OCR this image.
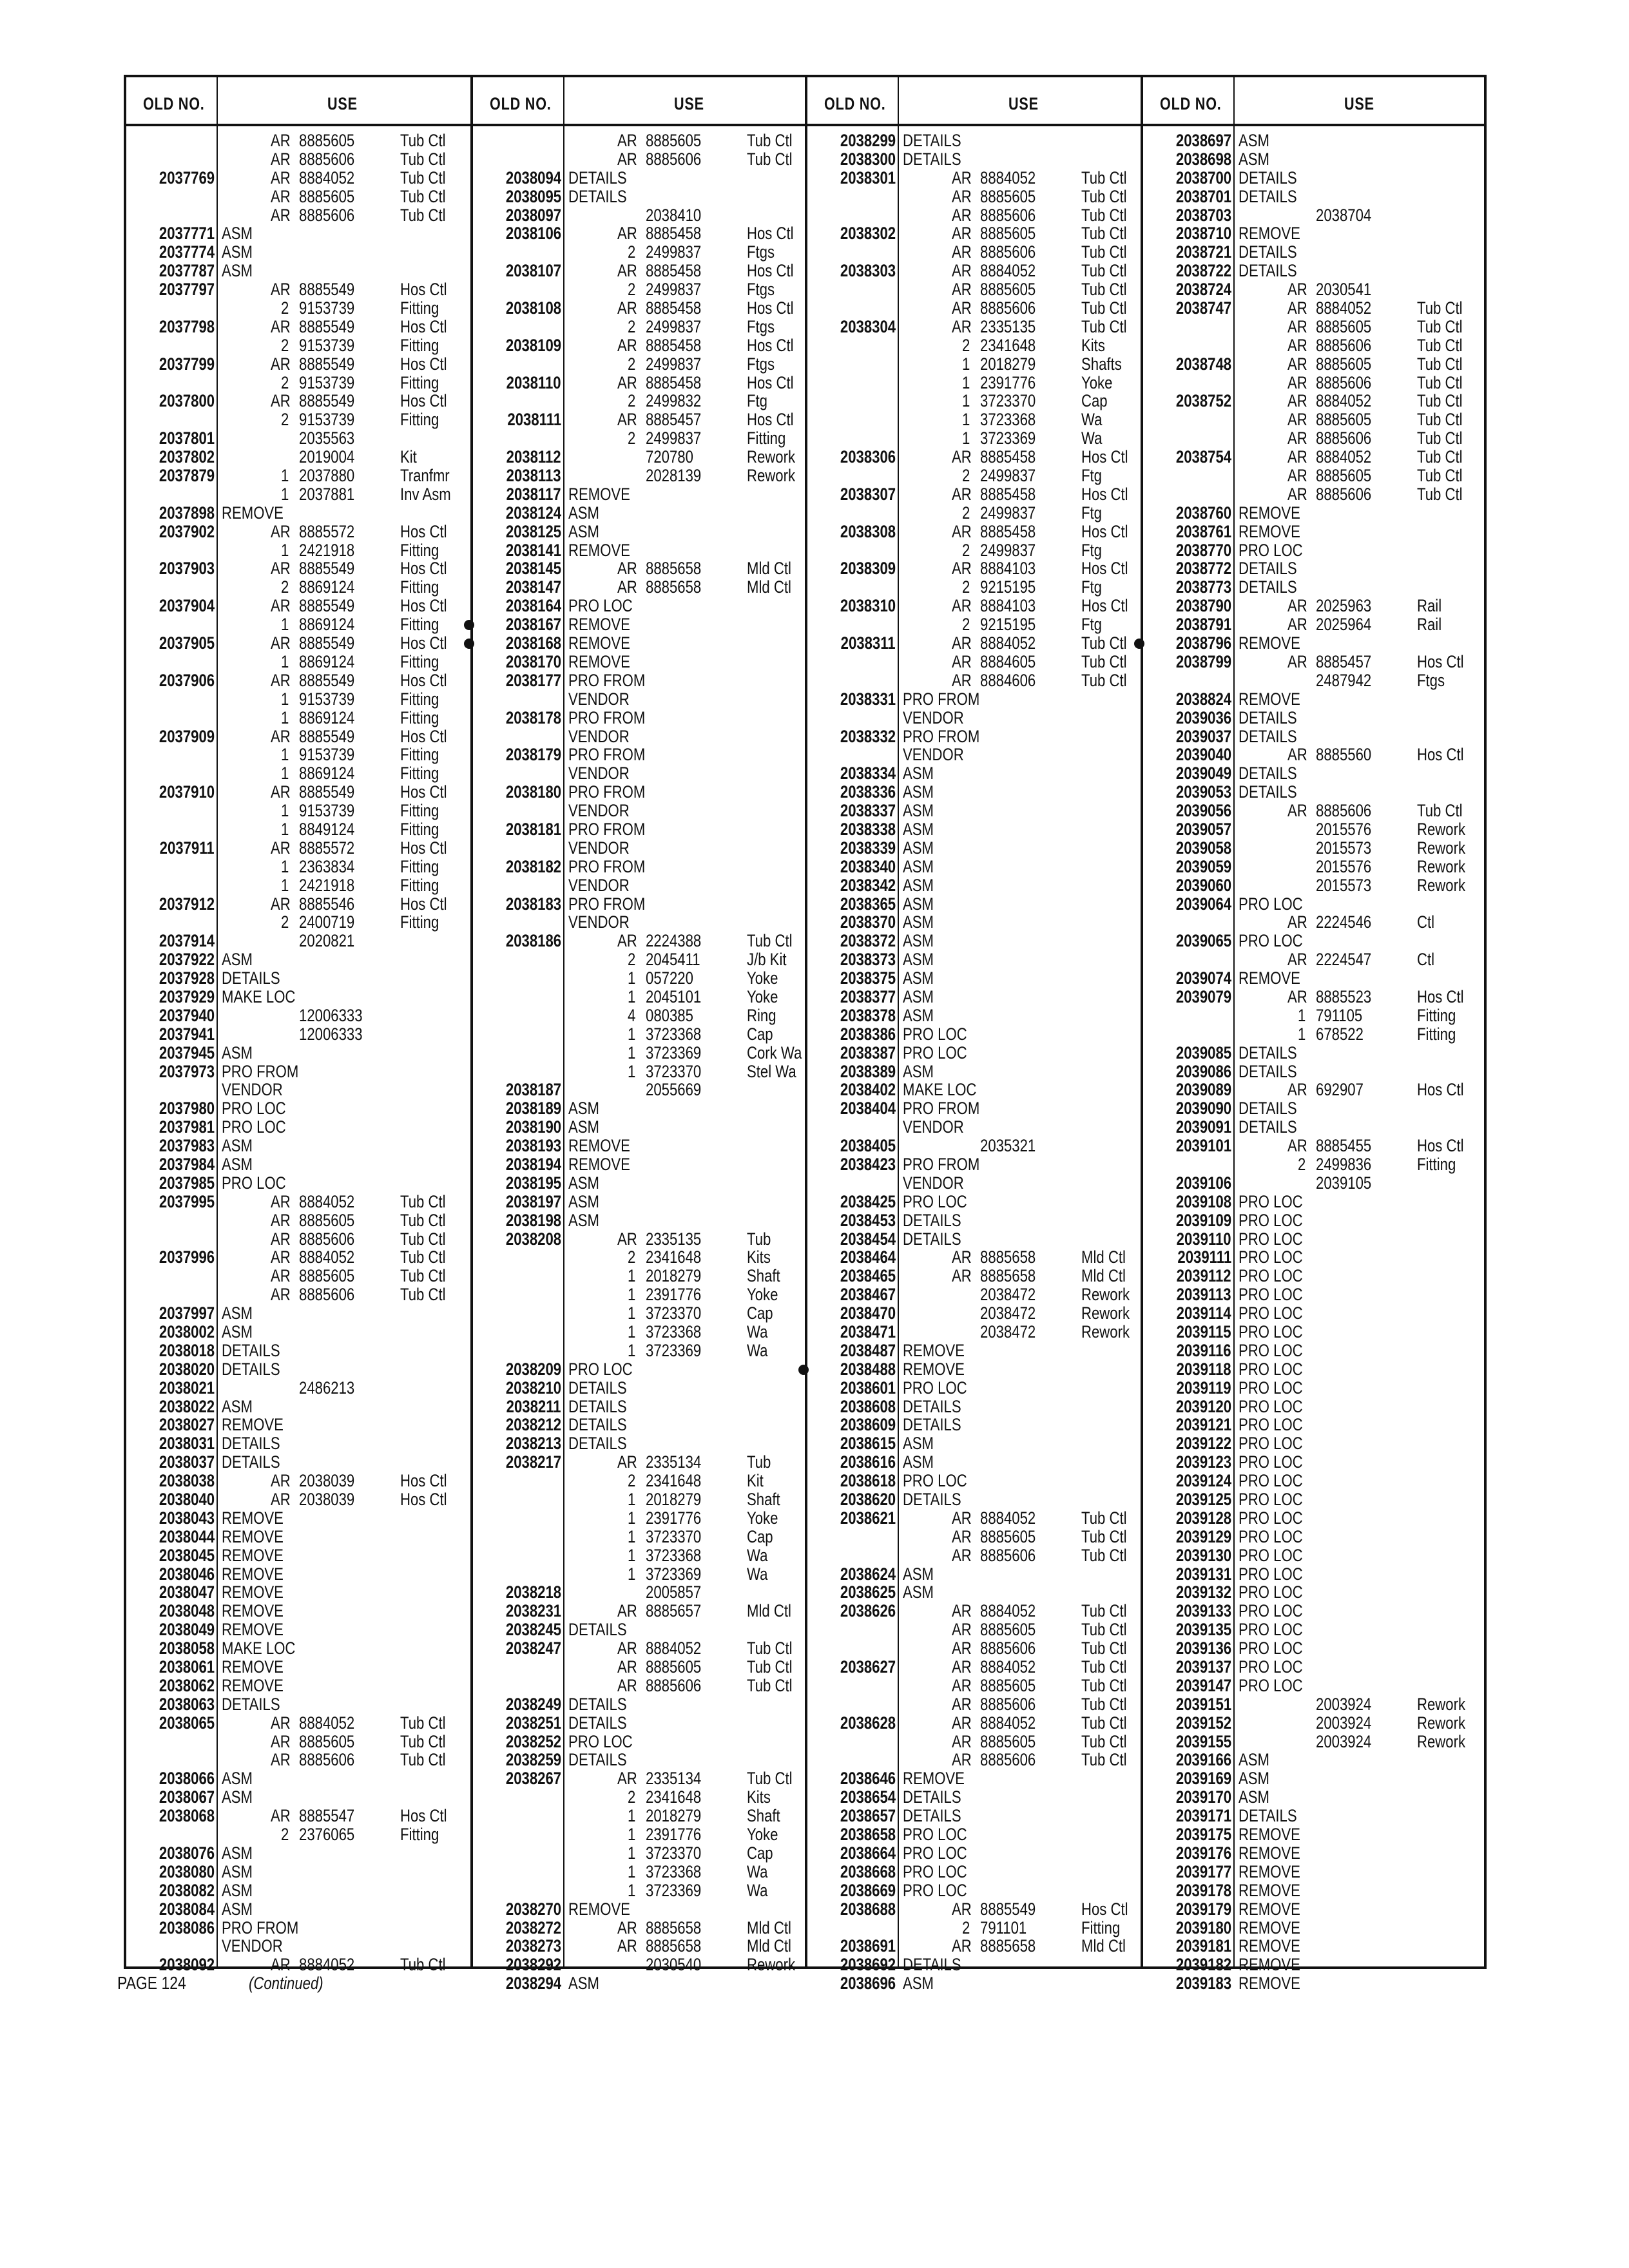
OLD NO.	USE
AR 8885605	Tub Ctl
AR 8885606	Tub Ctl
2037769	AR 8884052	Tub Ctl
AR 8885605	Tub Ctl
AR 8885606	Tub Ctl
2037771 ASM
2037774 ASM
2037787 ASM
2037797	AR 8885549	Hos Ctl
2 9153739	Fitting
2037798	AR 8885549	Hos Ctl
2 9153739	Fitting
2037799	AR 8885549	Hos Ctl
2 9153739	Fitting
2037800	AR 8885549	Hos Ctl
2 9153739	Fitting
2037801	2035563
2037802	2019004	Kit
2037879	1 2037880	Tranfmr
1 2037881	Inv Asm
2037898 REMOVE
2037902	AR 8885572	Hos Ctl
1 2421918	Fitting
2037903	AR 8885549	Hos Ctl
2 8869124	Fitting
2037904	AR 8885549	Hos Ctl
1 8869124	Fitting
2037905	AR 8885549	Hos Ctl
1 8869124	Fitting
2037906	AR 8885549	Hos Ctl
1 9153739	Fitting
1 8869124	Fitting
2037909	AR 8885549	Hos Ctl
1 9153739	Fitting
1 8869124	Fitting
2037910	AR 8885549	Hos Ctl
1 9153739	Fitting
1 8849124	Fitting
2037911	AR 8885572	Hos Ctl
1 2363834	Fitting
1 2421918	Fitting
2037912	AR 8885546	Hos Ctl
2 2400719	Fitting
2037914	2020821
2037922 ASM
2037928 DETAILS
2037929 MAKE LOC
2037940	12006333
2037941	12006333
2037945 ASM
2037973 PRO FROM
VENDOR
2037980 PRO LOC
2037981 PRO LOC
2037983 ASM
2037984 ASM
2037985 PRO LOC
2037995	AR 8884052	Tub Ctl
AR 8885605	Tub Ctl
AR 8885606	Tub Ctl
2037996	AR 8884052	Tub Ctl
AR 8885605	Tub Ctl
AR 8885606	Tub Ctl
2037997 ASM
2038002 ASM
2038018 DETAILS
2038020 DETAILS
2038021	2486213
2038022 ASM
2038027 REMOVE
2038031 DETAILS
2038037 DETAILS
2038038	AR 2038039	Hos Ctl
2038040	AR 2038039	Hos Ctl
2038043 REMOVE
2038044 REMOVE
2038045 REMOVE
2038046 REMOVE
2038047 REMOVE
2038048 REMOVE
2038049 REMOVE
2038058 MAKE LOC
2038061 REMOVE
2038062 REMOVE
2038063 DETAILS
2038065	AR 8884052	Tub Ctl
AR 8885605	Tub Ctl
AR 8885606	Tub Ctl
2038066 ASM
2038067 ASM
2038068	AR 8885547	Hos Ctl
2 2376065	Fitting
2038076 ASM
2038080 ASM
2038082 ASM
2038084 ASM
2038086 PRO FROM
VENDOR
2038092	AR 8884052	Tub Ctl
(Continued)
OLD NO.	USE
AR 8885605	Tub Ctl
AR 8885606	Tub Ctl
2038094 DETAILS
2038095 DETAILS
2038097	2038410
2038106	AR 8885458	Hos Ctl
2 2499837	Ftgs
2038107	AR 8885458	Hos Ctl
2 2499837	Ftgs
2038108	AR 8885458	Hos Ctl
2 2499837	Ftgs
2038109	AR 8885458	Hos Ctl
2 2499837	Ftgs
2038110	AR 8885458	Hos Ctl
2 2499832	Ftg
2038111	AR 8885457	Hos Ctl
2 2499837	Fitting
2038112	720780	Rework
2038113	2028139	Rework
2038117 REMOVE
2038124 ASM
2038125 ASM
2038141 REMOVE
2038145	AR 8885658	Mld Ctl
2038147	AR 8885658	Mld Ctl
2038164 PRO LOC
2038167 REMOVE
2038168 REMOVE
2038170 REMOVE
2038177 PRO FROM
VENDOR
2038178 PRO FROM
VENDOR
2038179 PRO FROM
VENDOR
2038180 PRO FROM
VENDOR
2038181 PRO FROM
VENDOR
2038182 PRO FROM
VENDOR
2038183 PRO FROM
VENDOR
2038186	AR 2224388	Tub Ctl
2 2045411	J/b Kit
1 057220	Yoke
1 2045101	Yoke
4 080385	Ring
1 3723368	Cap
1 3723369	Cork Wa
1 3723370	Stel Wa
2038187	2055669
2038189 ASM
2038190 ASM
2038193 REMOVE
2038194 REMOVE
2038195 ASM
2038197 ASM
2038198 ASM
2038208	AR 2335135	Tub
2 2341648	Kits
1 2018279	Shaft
1 2391776	Yoke
1 3723370	Cap
1 3723368	Wa
1 3723369	Wa
2038209 PRO LOC
2038210 DETAILS
2038211 DETAILS
2038212 DETAILS
2038213 DETAILS
2038217	AR 2335134	Tub
2 2341648	Kit
1 2018279	Shaft
1 2391776	Yoke
1 3723370	Cap
1 3723368	Wa
1 3723369	Wa
2038218	2005857
2038231	AR 8885657	Mld Ctl
2038245 DETAILS
2038247	AR 8884052	Tub Ctl
AR 8885605	Tub Ctl
AR 8885606	Tub Ctl
2038249 DETAILS
2038251 DETAILS
2038252 PRO LOC
2038259 DETAILS
2038267	AR 2335134	Tub Ctl
2 2341648	Kits
1 2018279	Shaft
1 2391776	Yoke
1 3723370	Cap
1 3723368	Wa
1 3723369	Wa
2038270 REMOVE
2038272	AR 8885658	Mld Ctl
2038273	AR 8885658	Mld Ctl
2038292	2030540	Rework
2038294 ASM
OLD NO.	USE
2038299 DETAILS
2038300 DETAILS
2038301	AR 8884052	Tub Ctl
AR 8885605	Tub Ctl
AR 8885606	Tub Ctl
2038302	AR 8885605	Tub Ctl
AR 8885606	Tub Ctl
2038303	AR 8884052	Tub Ctl
AR 8885605	Tub Ctl
AR 8885606	Tub Ctl
2038304	AR 2335135	Tub Ctl
2 2341648	Kits
1 2018279	Shafts
1 2391776	Yoke
1 3723370	Cap
1 3723368	Wa
1 3723369	Wa
2038306	AR 8885458	Hos Ctl
2 2499837	Ftg
2038307	AR 8885458	Hos Ctl
2 2499837	Ftg
2038308	AR 8885458	Hos Ctl
2 2499837	Ftg
2038309	AR 8884103	Hos Ctl
2 9215195	Ftg
2038310	AR 8884103	Hos Ctl
2 9215195	Ftg
2038311	AR 8884052	Tub Ctl
AR 8884605	Tub Ctl
AR 8884606	Tub Ctl
2038331 PRO FROM
VENDOR
2038332 PRO FROM
VENDOR
2038334 ASM
2038336 ASM
2038337 ASM
2038338 ASM
2038339 ASM
2038340 ASM
2038342 ASM
2038365 ASM
2038370 ASM
2038372 ASM
2038373 ASM
2038375 ASM
2038377 ASM
2038378 ASM
2038386 PRO LOC
2038387 PRO LOC
2038389 ASM
2038402 MAKE LOC
2038404 PRO FROM
VENDOR
2038405	2035321
2038423 PRO FROM
VENDOR
2038425 PRO LOC
2038453 DETAILS
2038454 DETAILS
2038464	AR 8885658	Mld Ctl
2038465	AR 8885658	Mld Ctl
2038467	2038472	Rework
2038470	2038472	Rework
2038471	2038472	Rework
2038487 REMOVE
2038488 REMOVE
2038601 PRO LOC
2038608 DETAILS
2038609 DETAILS
2038615 ASM
2038616 ASM
2038618 PRO LOC
2038620 DETAILS
2038621	AR 8884052	Tub Ctl
AR 8885605	Tub Ctl
AR 8885606	Tub Ctl
2038624 ASM
2038625 ASM
2038626	AR 8884052	Tub Ctl
AR 8885605	Tub Ctl
AR 8885606	Tub Ctl
2038627	AR 8884052	Tub Ctl
AR 8885605	Tub Ctl
AR 8885606	Tub Ctl
2038628	AR 8884052	Tub Ctl
AR 8885605	Tub Ctl
AR 8885606	Tub Ctl
2038646 REMOVE
2038654 DETAILS
2038657 DETAILS
2038658 PRO LOC
2038664 PRO LOC
2038668 PRO LOC
2038669 PRO LOC
2038688	AR 8885549	Hos Ctl
2 791101	Fitting
2038691	AR 8885658	Mld Ctl
2038692 DETAILS
2038696 ASM
OLD NO.	USE
2038697 ASM
2038698 ASM
2038700 DETAILS
2038701 DETAILS
2038703	2038704
2038710 REMOVE
2038721 DETAILS
2038722 DETAILS
2038724	AR 2030541
2038747	AR 8884052	Tub Ctl
AR 8885605	Tub Ctl
AR 8885606	Tub Ctl
2038748	AR 8885605	Tub Ctl
AR 8885606	Tub Ctl
2038752	AR 8884052	Tub Ctl
AR 8885605	Tub Ctl
AR 8885606	Tub Ctl
2038754	AR 8884052	Tub Ctl
AR 8885605	Tub Ctl
AR 8885606	Tub Ctl
2038760 REMOVE
2038761 REMOVE
2038770 PRO LOC
2038772 DETAILS
2038773 DETAILS
2038790	AR 2025963	Rail
2038791	AR 2025964	Rail
2038796 REMOVE
2038799	AR 8885457	Hos Ctl
2487942	Ftgs
2038824 REMOVE
2039036 DETAILS
2039037 DETAILS
2039040	AR 8885560	Hos Ctl
2039049 DETAILS
2039053 DETAILS
2039056	AR 8885606	Tub Ctl
2039057	2015576	Rework
2039058	2015573	Rework
2039059	2015576	Rework
2039060	2015573	Rework
2039064 PRO LOC
AR 2224546	Ctl
2039065 PRO LOC
AR 2224547	Ctl
2039074 REMOVE
2039079	AR 8885523	Hos Ctl
1 791105	Fitting
1 678522	Fitting
2039085 DETAILS
2039086 DETAILS
2039089	AR 692907	Hos Ctl
2039090 DETAILS
2039091 DETAILS
2039101	AR 8885455	Hos Ctl
2 2499836	Fitting
2039106	2039105
2039108 PRO LOC
2039109 PRO LOC
2039110 PRO LOC
2039111 PRO LOC
2039112 PRO LOC
2039113 PRO LOC
2039114 PRO LOC
2039115 PRO LOC
2039116 PRO LOC
2039118 PRO LOC
2039119 PRO LOC
2039120 PRO LOC
2039121 PRO LOC
2039122 PRO LOC
2039123 PRO LOC
2039124 PRO LOC
2039125 PRO LOC
2039128 PRO LOC
2039129 PRO LOC
2039130 PRO LOC
2039131 PRO LOC
2039132 PRO LOC
2039133 PRO LOC
2039135 PRO LOC
2039136 PRO LOC
2039137 PRO LOC
2039147 PRO LOC
2039151	2003924	Rework
2039152	2003924	Rework
2039155	2003924	Rework
2039166 ASM
2039169 ASM
2039170 ASM
2039171 DETAILS
2039175 REMOVE
2039176 REMOVE
2039177 REMOVE
2039178 REMOVE
2039179 REMOVE
2039180 REMOVE
2039181 REMOVE
2039182 REMOVE
2039183 REMOVE
PAGE 124
